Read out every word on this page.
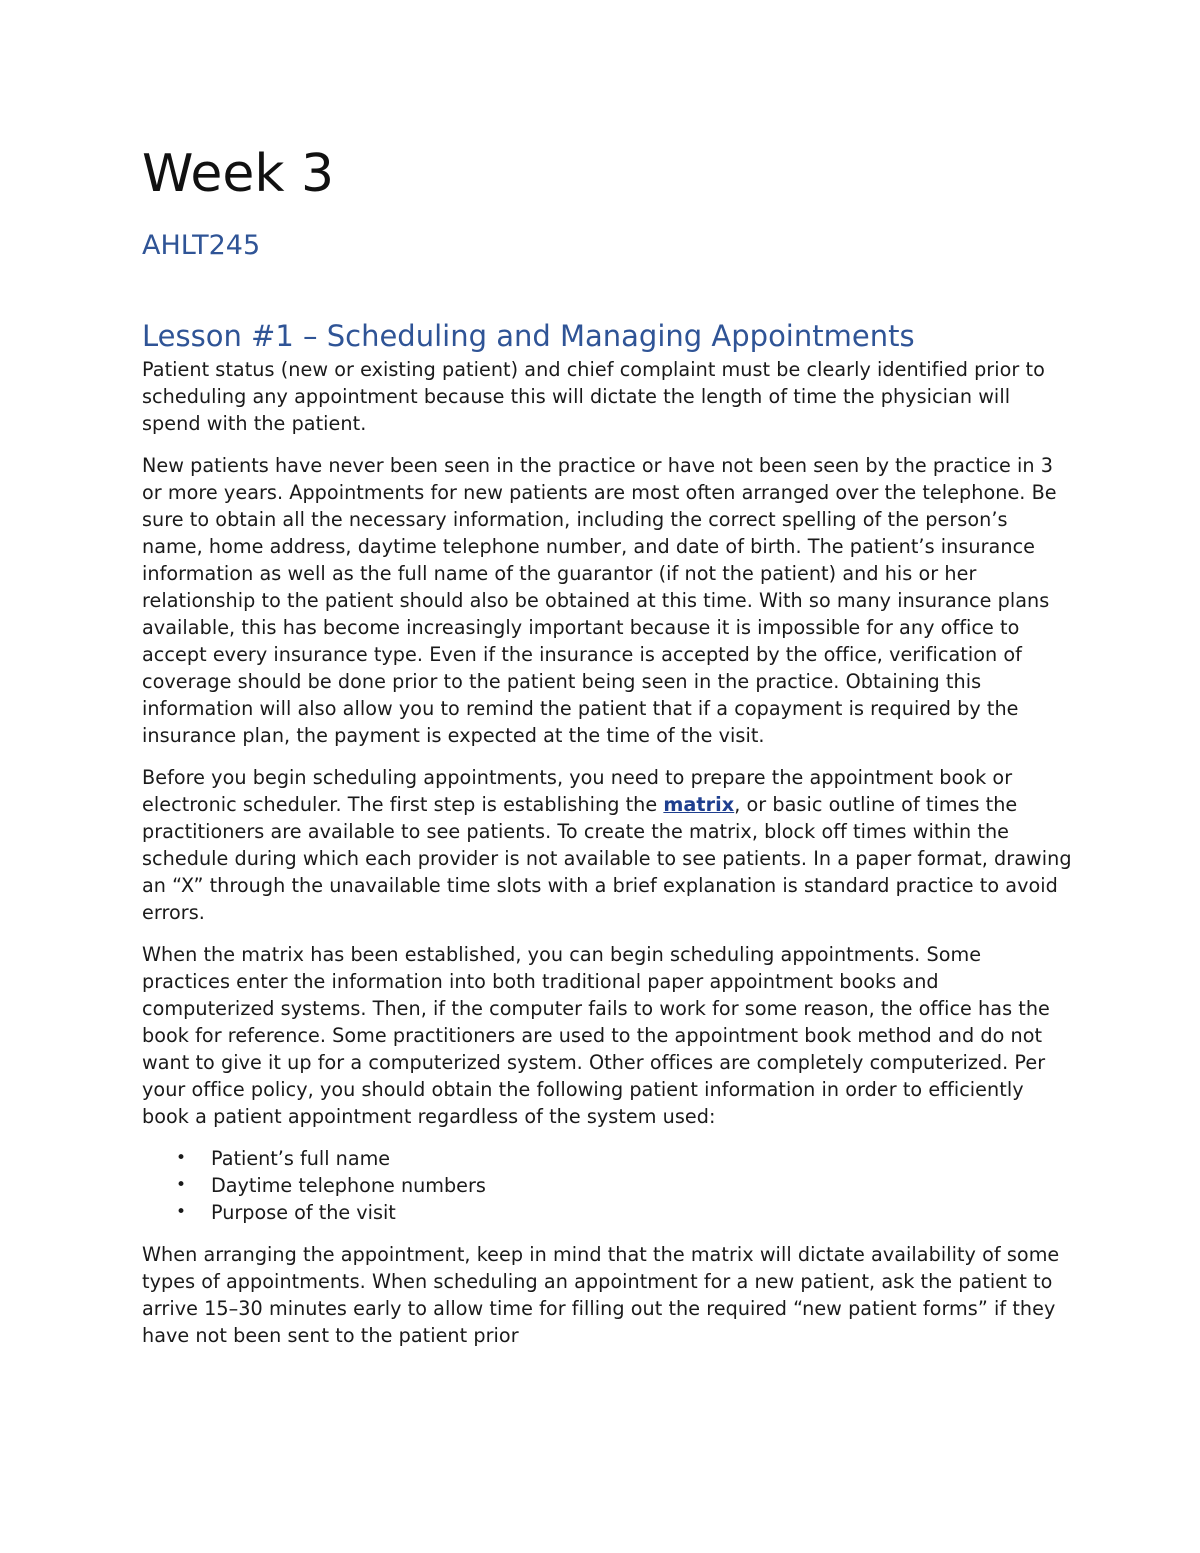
Week 3
AHLT245
Lesson #1 – Scheduling and Managing Appointments

Patient status (new or existing patient) and chief complaint must be clearly identified prior to scheduling any appointment because this will dictate the length of time the physician will spend with the patient.

New patients have never been seen in the practice or have not been seen by the practice in 3 or more years. Appointments for new patients are most often arranged over the telephone. Be sure to obtain all the necessary information, including the correct spelling of the person’s name, home address, daytime telephone number, and date of birth. The patient’s insurance information as well as the full name of the guarantor (if not the patient) and his or her relationship to the patient should also be obtained at this time. With so many insurance plans available, this has become increasingly important because it is impossible for any office to accept every insurance type. Even if the insurance is accepted by the office, verification of coverage should be done prior to the patient being seen in the practice. Obtaining this information will also allow you to remind the patient that if a copayment is required by the insurance plan, the payment is expected at the time of the visit.

Before you begin scheduling appointments, you need to prepare the appointment book or electronic scheduler. The first step is establishing the matrix, or basic outline of times the practitioners are available to see patients. To create the matrix, block off times within the schedule during which each provider is not available to see patients. In a paper format, drawing an “X” through the unavailable time slots with a brief explanation is standard practice to avoid errors.

When the matrix has been established, you can begin scheduling appointments. Some practices enter the information into both traditional paper appointment books and computerized systems. Then, if the computer fails to work for some reason, the office has the book for reference. Some practitioners are used to the appointment book method and do not want to give it up for a computerized system. Other offices are completely computerized. Per your office policy, you should obtain the following patient information in order to efficiently book a patient appointment regardless of the system used:

• Patient’s full name
• Daytime telephone numbers
• Purpose of the visit

When arranging the appointment, keep in mind that the matrix will dictate availability of some types of appointments. When scheduling an appointment for a new patient, ask the patient to arrive 15–30 minutes early to allow time for filling out the required “new patient forms” if they have not been sent to the patient prior
